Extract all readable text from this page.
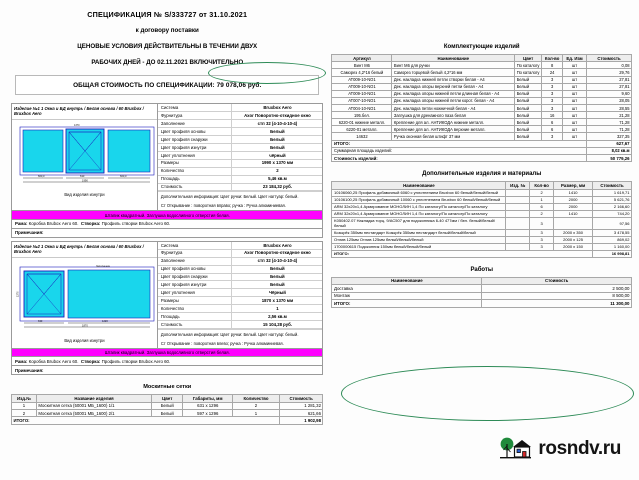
СПЕЦИФИКАЦИЯ № S/333727 от 31.10.2021
к договору поставки
ЦЕНОВЫЕ УСЛОВИЯ ДЕЙСТВИТЕЛЬНЫ В ТЕЧЕНИИ ДВУХ
РАБОЧИХ ДНЕЙ - ДО 02.11.2021 ВКЛЮЧИТЕЛЬНО
ОБЩАЯ СТОИМОСТЬ ПО СПЕЦИФИКАЦИИ: 79 078,06 руб.
Изделие №1 1 Окна и БД внутрь / Белая основа / 60 Bruxbox / Bruxbox Aero
660,0	630	660,0
1990
1370
Вид изделия изнутри
Система	Bruxbox Aero
Фурнитура	Axor Поворотно-откидное окно
Заполнение	стп 32 (4-10-4-10-4)
Цвет профиля основы	Белый
Цвет профиля снаружи	Белый
Цвет профиля изнутри	Белый
Цвет уплотнения	чёрный
Размеры	1990 x 1370 мм
Количество	2
Площадь	5,46 кв.м
Стоимость	23 184,32 руб.
Дополнительная информация: Цвет ручки: Белый. Цвет нагтуар: белый.
Ст Открывание : поворотная вправо; ручка : Ручка алюминиевая.
Штапик квадратный. Заглушка водосливного отверстия белая.
Рама: Коробка Brubox Аero 60. Створка: Профиль створки Brubox Aero 60.
Примечания:
Изделие №2 1 Окна и БД внутрь / Белая основа / 60 Bruxbox / Bruxbox Aero
630	1220
1870
Заполнение
1370
Вид изделия изнутри
Система	Bruxbox Aero
Фурнитура	Axor Поворотно-откидное окно
Заполнение	стп 32 (4-10-4-10-4)
Цвет профиля основы	Белый
Цвет профиля снаружи	Белый
Цвет профиля изнутри	Белый
Цвет уплотнения	Чёрный
Размеры	1870 x 1370 мм
Количество	1
Площадь	2,56 кв.м
Стоимость	15 104,28 руб.
Дополнительная информация: Цвет ручки: Белый. Цвет нагтуар: белый.
Ст Открывание : поворотная влево; ручка : Ручка алюминиевая.
Штапик квадратный. Заглушка водосливного отверстия белая.
Рама: Коробка Brubox Аero 60. Створка: Профиль створки Brubox Aero 60.
Примечания:
Москитные сетки
Изд.№	Название изделия	Цвет	Габариты, мм	Количество	Стоимость
1	Москитная сетка (50001 МБ_1600) 1/1	Белый	631 x 1296	2	1 281,32
2	Москитная сетка (50001 МБ_1600) 2/1	Белый	597 x 1296	1	621,66
ИТОГО:					1 902,98
Комплектующие изделий
Артикул	Наименование	Цвет	Кол-во	Ед. Изм	Стоимость
Винт М6	Винт М6 для ручки	По каталогу	8	шт	0,08
Саморез 4,2*16 белый	Саморез торцевой белый 4,2*16 мм	По каталогу	24	шт	29,76
AT009-10-NO1	Дек. накладка нижней петли створки белая - A4	Белый	3	шт	27,81
AT009-10-NO1	Дек. накладка опоры верхней петли белая - A4	Белый	3	шт	27,81
AT009-10-NO1	Дек. накладка опоры нижней петли длинная белая - A4	Белый	3	шт	9,60
AT007-10-NO1	Дек. накладка опоры нижней петли корот. белая - A4	Белый	3	шт	28,05
AT004-10-NO1	Дек. накладка петли ножничной белая - A4	Белый	3	шт	28,55
195.бел.	Заглушка для дренажного паза белая	Белый	16	шт	21,28
6220-01 нижние металл.	Крепление для ал. АНТИКОДА нижние металл.	Белый	6	шт	71,28
6220-01 металл.	Крепление для ал. АНТИКОДА верхние металл.	Белый	6	шт	71,28
14632	Ручка оконная белая штифт 37 мм	Белый	3	шт	327,35
ИТОГО:					627,67
Суммарная площадь изделий:					8,02 кв.м
Стоимость изделий:					50 779,26
Дополнительные изделия и материалы
Наименование	Изд. №	Кол-во	Размер, мм	Стоимость
10106060,25 Профиль добавочный 6060 с уплотнением Bruxbox 60 белый/белый/белый		2	1410	1 619,71
10106100,25 Профиль добавочный 10060 с уплотнением Bruxbox 60 белый/белый/белый		1	2000	5 621,76
ARM 32х20х1,4 Армирование МОНОЛИН 1,4 По каталогу/По каталогу/По каталогу		6	2000	2 166,60
ARM 32х20х1,4 Армирование МОНОЛИН 1,4 По каталогу/По каталогу/По каталогу		2	1410	744,20
K050402.07 Накладка торц. 9/AC507 для подоконника 6-40 477мм / бел. белый/белый/белый		3		97,56
Козырёк 350мм нестандарт Козырёк 350мм нестандарт белый/белый/белый		3	2000 x 350	3 478,55
Отлив 125мм Отлив 125мм белый/белый/белый		3	2000 x 125	869,02
1700000615 Подоконник 150мм белый/белый/белый		3	2000 x 150	1 160,00
ИТОГО:				16 998,81
Работы
Наименование	Стоимость
Доставка	2 500,00
Монтаж	8 500,00
ИТОГО:	11 300,00
rosndv.ru
